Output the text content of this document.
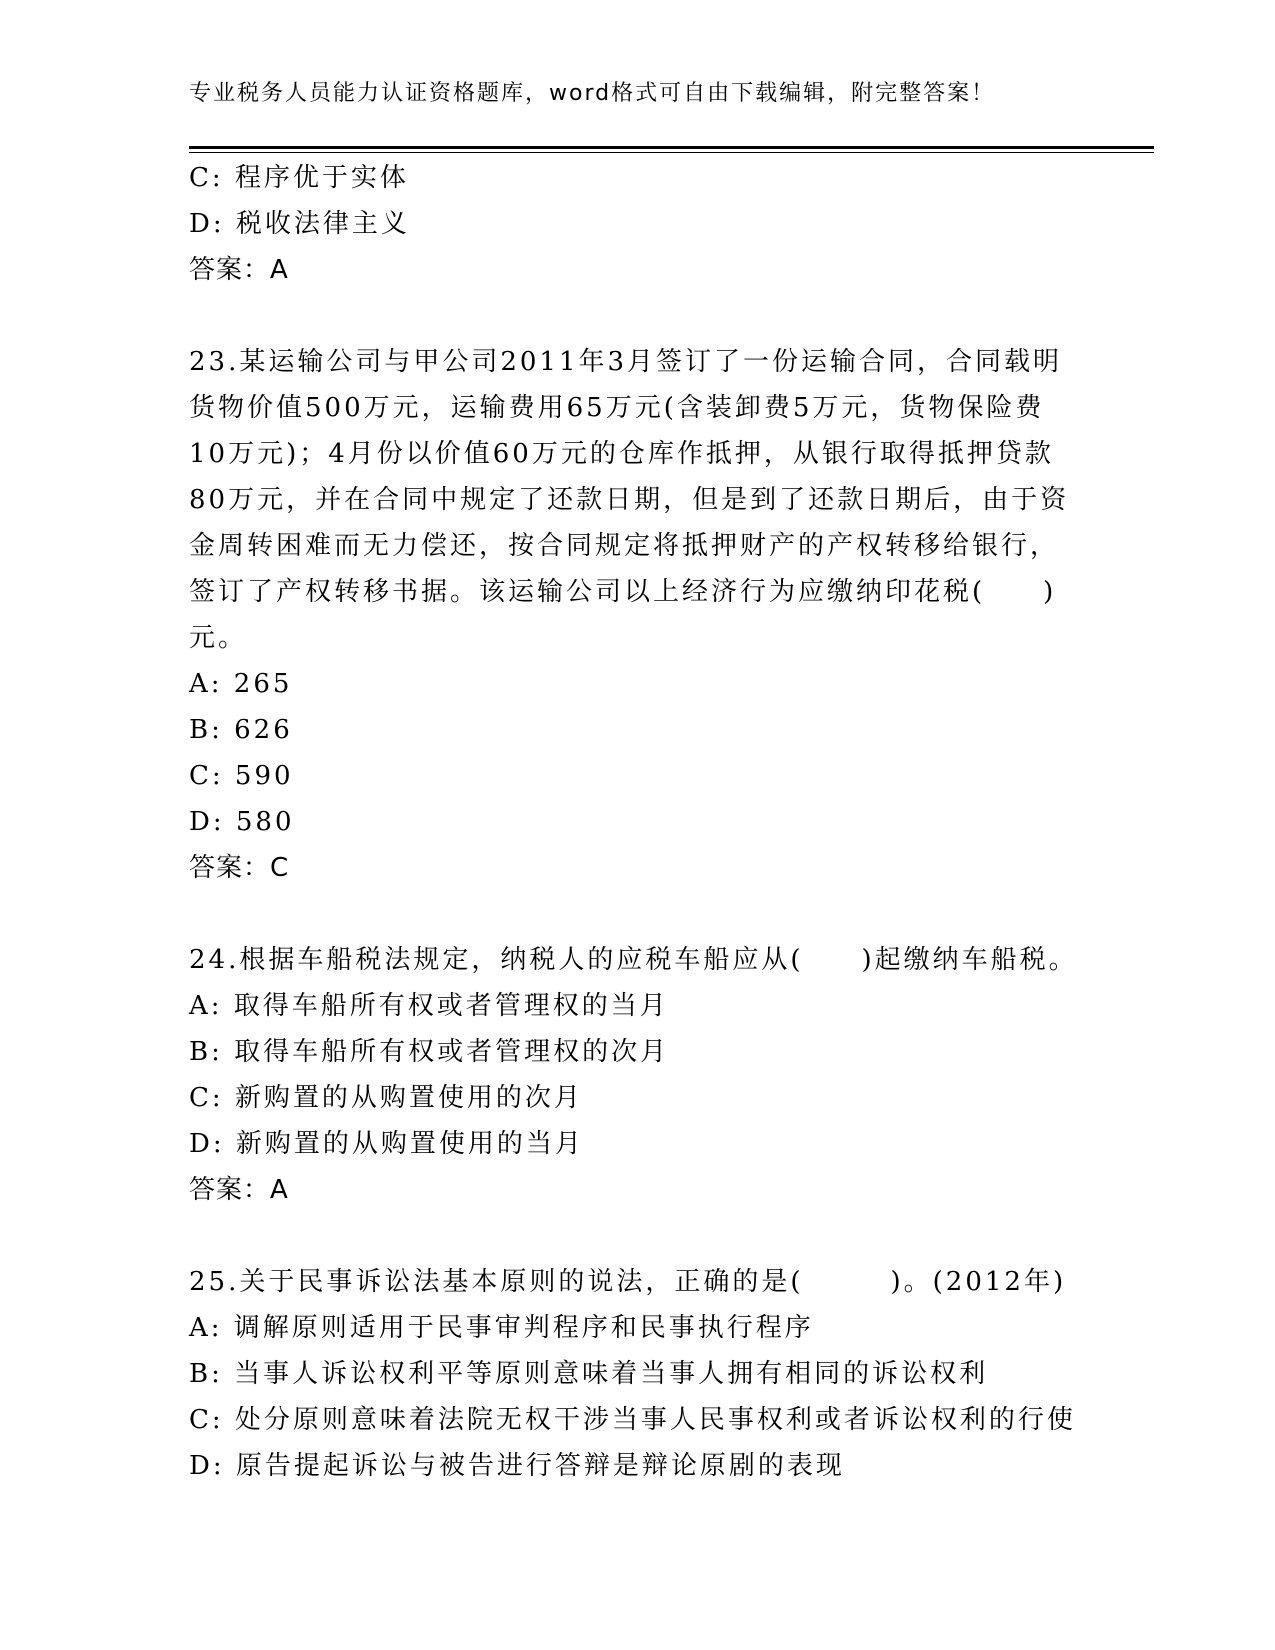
专业税务人员能力认证资格题库，word格式可自由下载编辑，附完整答案！
C: 程序优于实体
D: 税收法律主义
答案：A
23.某运输公司与甲公司2011年3月签订了一份运输合同，合同载明
货物价值500万元，运输费用65万元(含装卸费5万元，货物保险费
10万元)；4月份以价值60万元的仓库作抵押，从银行取得抵押贷款
80万元，并在合同中规定了还款日期，但是到了还款日期后，由于资
金周转困难而无力偿还，按合同规定将抵押财产的产权转移给银行，
签订了产权转移书据。该运输公司以上经济行为应缴纳印花税(　　)
元。
A: 265
B: 626
C: 590
D: 580
答案：C
24.根据车船税法规定，纳税人的应税车船应从(　　)起缴纳车船税。
A: 取得车船所有权或者管理权的当月
B: 取得车船所有权或者管理权的次月
C: 新购置的从购置使用的次月
D: 新购置的从购置使用的当月
答案：A
25.关于民事诉讼法基本原则的说法，正确的是(　　　)。(2012年)
A: 调解原则适用于民事审判程序和民事执行程序
B: 当事人诉讼权利平等原则意味着当事人拥有相同的诉讼权利
C: 处分原则意味着法院无权干涉当事人民事权利或者诉讼权利的行使
D: 原告提起诉讼与被告进行答辩是辩论原剧的表现
